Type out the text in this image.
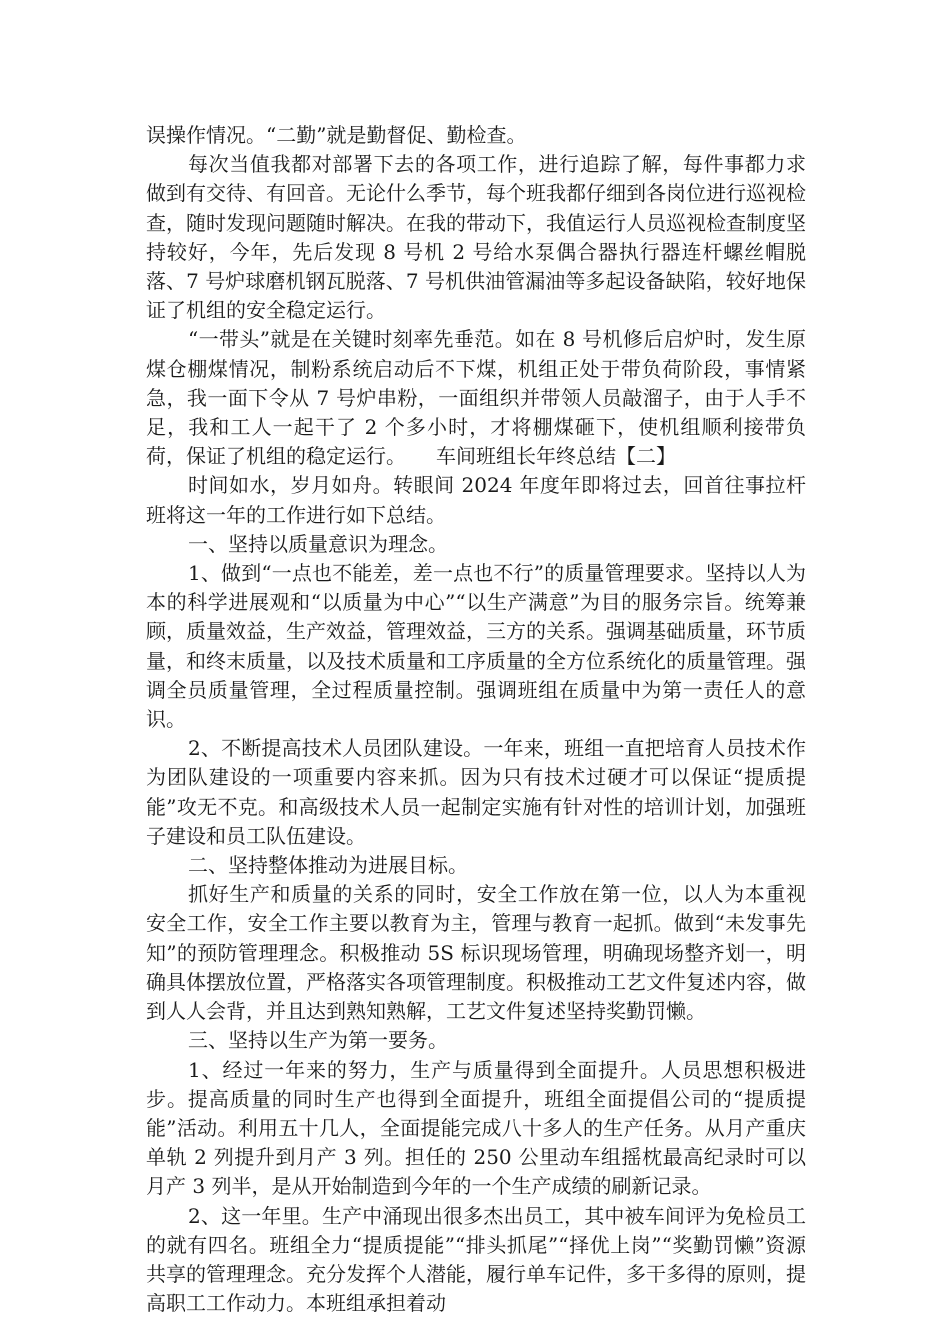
误操作情况。“二勤”就是勤督促、勤检查。

每次当值我都对部署下去的各项工作，进行追踪了解，每件事都力求做到有交待、有回音。无论什么季节，每个班我都仔细到各岗位进行巡视检查，随时发现问题随时解决。在我的带动下，我值运行人员巡视检查制度坚持较好，今年，先后发现 8 号机 2 号给水泵偶合器执行器连杆螺丝帽脱落、7 号炉球磨机钢瓦脱落、7 号机供油管漏油等多起设备缺陷，较好地保证了机组的安全稳定运行。

“一带头”就是在关键时刻率先垂范。如在 8 号机修后启炉时，发生原煤仓棚煤情况，制粉系统启动后不下煤，机组正处于带负荷阶段，事情紧急，我一面下令从 7 号炉串粉，一面组织并带领人员敲溜子，由于人手不足，我和工人一起干了 2 个多小时，才将棚煤砸下，使机组顺利接带负荷，保证了机组的稳定运行。　　车间班组长年终总结【二】

时间如水，岁月如舟。转眼间 2024 年度年即将过去，回首往事拉杆班将这一年的工作进行如下总结。

一、坚持以质量意识为理念。

1、做到“一点也不能差，差一点也不行”的质量管理要求。坚持以人为本的科学进展观和“以质量为中心”“以生产满意”为目的服务宗旨。统筹兼顾，质量效益，生产效益，管理效益，三方的关系。强调基础质量，环节质量，和终末质量，以及技术质量和工序质量的全方位系统化的质量管理。强调全员质量管理，全过程质量控制。强调班组在质量中为第一责任人的意识。

2、不断提高技术人员团队建设。一年来，班组一直把培育人员技术作为团队建设的一项重要内容来抓。因为只有技术过硬才可以保证“提质提能”攻无不克。和高级技术人员一起制定实施有针对性的培训计划，加强班子建设和员工队伍建设。

二、坚持整体推动为进展目标。

抓好生产和质量的关系的同时，安全工作放在第一位，以人为本重视安全工作，安全工作主要以教育为主，管理与教育一起抓。做到“未发事先知”的预防管理理念。积极推动 5S 标识现场管理，明确现场整齐划一，明确具体摆放位置，严格落实各项管理制度。积极推动工艺文件复述内容，做到人人会背，并且达到熟知熟解，工艺文件复述坚持奖勤罚懒。

三、坚持以生产为第一要务。

1、经过一年来的努力，生产与质量得到全面提升。人员思想积极进步。提高质量的同时生产也得到全面提升，班组全面提倡公司的“提质提能”活动。利用五十几人，全面提能完成八十多人的生产任务。从月产重庆单轨 2 列提升到月产 3 列。担任的 250 公里动车组摇枕最高纪录时可以月产 3 列半，是从开始制造到今年的一个生产成绩的刷新记录。

2、这一年里。生产中涌现出很多杰出员工，其中被车间评为免检员工的就有四名。班组全力“提质提能”“排头抓尾”“择优上岗”“奖勤罚懒”资源共享的管理理念。充分发挥个人潜能，履行单车记件，多干多得的原则，提高职工工作动力。本班组承担着动
